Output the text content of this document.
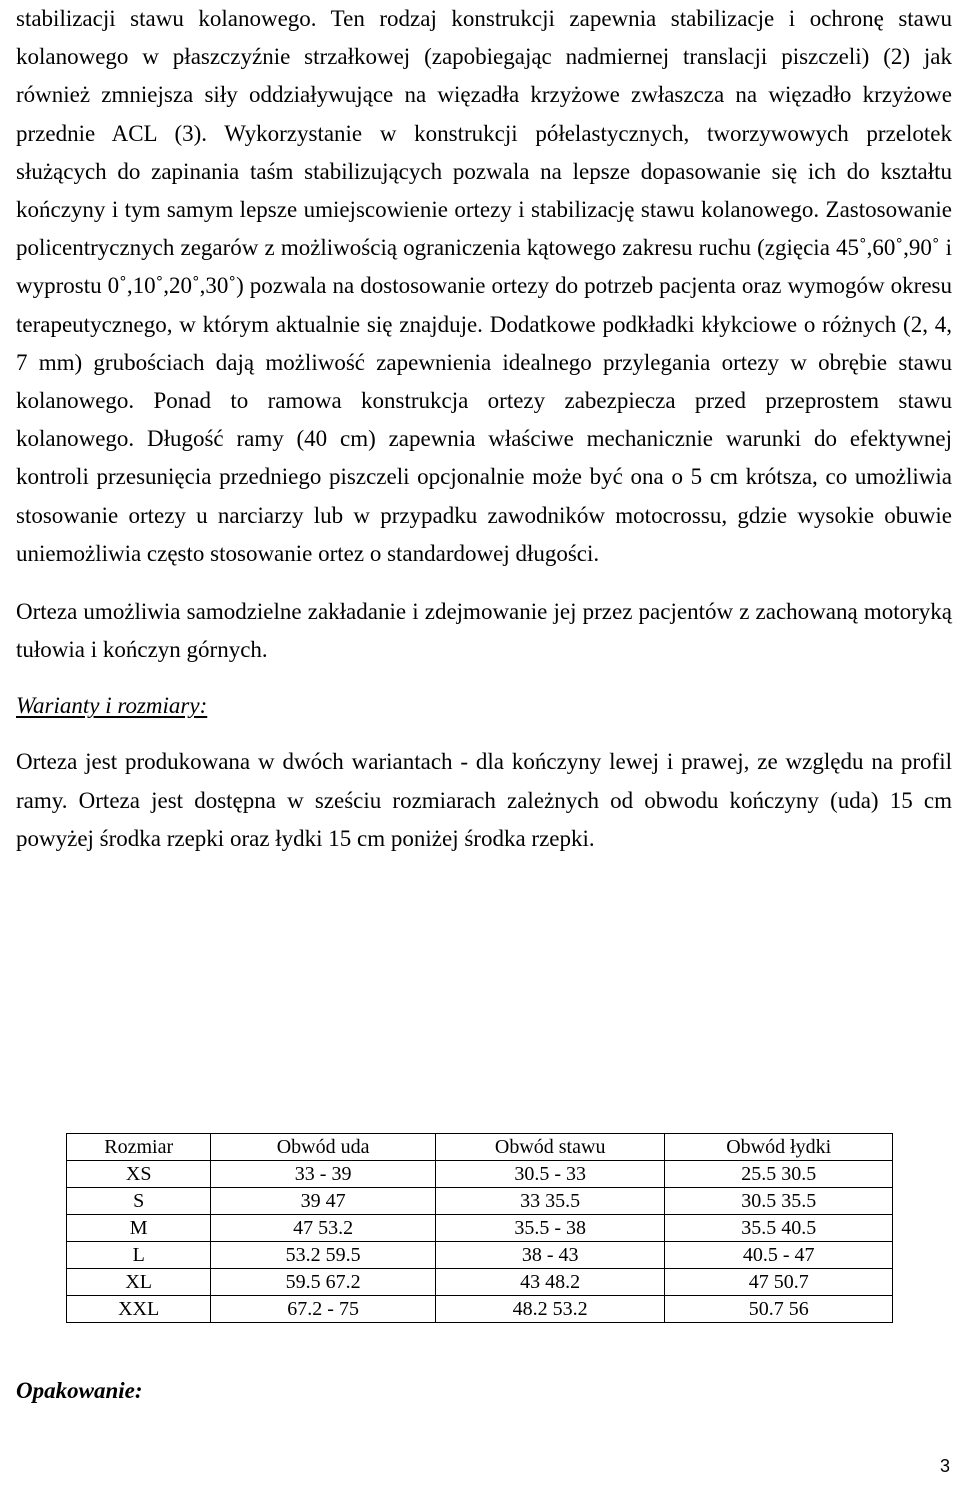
stabilizacji stawu kolanowego. Ten rodzaj konstrukcji zapewnia stabilizacje i ochronę stawu kolanowego w płaszczyźnie strzałkowej (zapobiegając nadmiernej translacji piszczeli) (2) jak również zmniejsza siły oddziaływujące na więzadła krzyżowe zwłaszcza na więzadło krzyżowe przednie ACL (3). Wykorzystanie w konstrukcji półelastycznych, tworzywowych przelotek służących do zapinania taśm stabilizujących pozwala na lepsze dopasowanie się ich do kształtu kończyny i tym samym lepsze umiejscowienie ortezy i stabilizację stawu kolanowego. Zastosowanie policentrycznych zegarów z możliwością ograniczenia kątowego zakresu ruchu (zgięcia 45˚,60˚,90˚ i wyprostu 0˚,10˚,20˚,30˚) pozwala na dostosowanie ortezy do potrzeb pacjenta oraz wymogów okresu terapeutycznego, w którym aktualnie się znajduje. Dodatkowe podkładki kłykciowe o różnych (2, 4, 7 mm) grubościach dają możliwość zapewnienia idealnego przylegania ortezy w obrębie stawu kolanowego. Ponad to ramowa konstrukcja ortezy zabezpiecza przed przeprostem stawu kolanowego. Długość ramy (40 cm) zapewnia właściwe mechanicznie warunki do efektywnej kontroli przesunięcia przedniego piszczeli opcjonalnie może być ona o 5 cm krótsza, co umożliwia stosowanie ortezy u narciarzy lub w przypadku zawodników motocrossu, gdzie wysokie obuwie uniemożliwia często stosowanie ortez o standardowej długości.

Orteza umożliwia samodzielne zakładanie i zdejmowanie jej przez pacjentów z zachowaną motoryką tułowia i kończyn górnych.

Warianty i rozmiary:

Orteza jest produkowana w dwóch wariantach - dla kończyny lewej i prawej, ze względu na profil ramy. Orteza jest dostępna w sześciu rozmiarach zależnych od obwodu kończyny (uda) 15 cm powyżej środka rzepki oraz łydki 15 cm poniżej środka rzepki.

Rozmiar	Obwód uda	Obwód stawu	Obwód łydki
XS	33 - 39	30.5 - 33	25.5 30.5
S	39 47	33 35.5	30.5 35.5
M	47 53.2	35.5 - 38	35.5 40.5
L	53.2 59.5	38 - 43	40.5 - 47
XL	59.5 67.2	43 48.2	47 50.7
XXL	67.2 - 75	48.2 53.2	50.7 56

Opakowanie:

3
